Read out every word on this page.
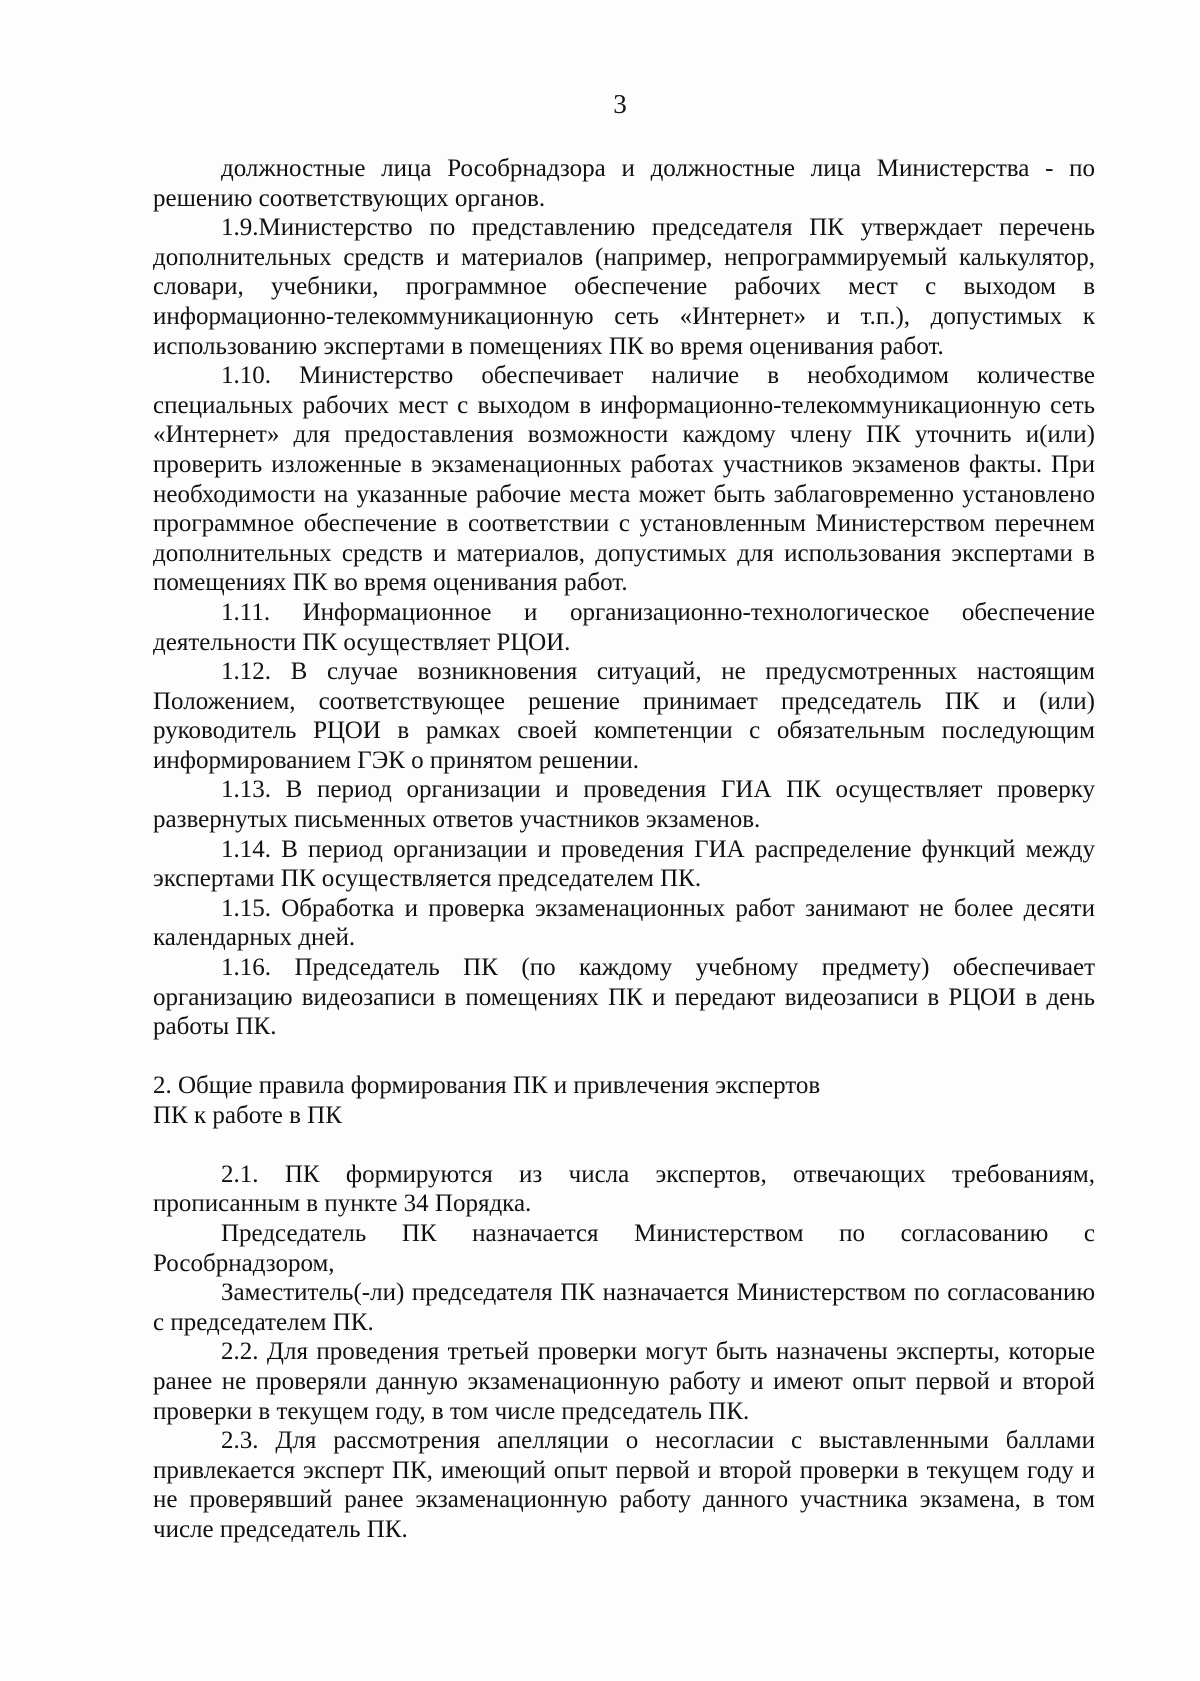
3

должностные лица Рособрнадзора и должностные лица Министерства - по решению соответствующих органов.

1.9.Министерство по представлению председателя ПК утверждает перечень дополнительных средств и материалов (например, непрограммируемый калькулятор, словари, учебники, программное обеспечение рабочих мест с выходом в информационно-телекоммуникационную сеть «Интернет» и т.п.), допустимых к использованию экспертами в помещениях ПК во время оценивания работ.

1.10. Министерство обеспечивает наличие в необходимом количестве специальных рабочих мест с выходом в информационно-телекоммуникационную сеть «Интернет» для предоставления возможности каждому члену ПК уточнить и(или) проверить изложенные в экзаменационных работах участников экзаменов факты. При необходимости на указанные рабочие места может быть заблаговременно установлено программное обеспечение в соответствии с установленным Министерством перечнем дополнительных средств и материалов, допустимых для использования экспертами в помещениях ПК во время оценивания работ.

1.11. Информационное и организационно-технологическое обеспечение деятельности ПК осуществляет РЦОИ.

1.12. В случае возникновения ситуаций, не предусмотренных настоящим Положением, соответствующее решение принимает председатель ПК и (или) руководитель РЦОИ в рамках своей компетенции с обязательным последующим информированием ГЭК о принятом решении.

1.13. В период организации и проведения ГИА ПК осуществляет проверку развернутых письменных ответов участников экзаменов.

1.14. В период организации и проведения ГИА распределение функций между экспертами ПК осуществляется председателем ПК.

1.15. Обработка и проверка экзаменационных работ занимают не более десяти календарных дней.

1.16. Председатель ПК (по каждому учебному предмету) обеспечивает организацию видеозаписи в помещениях ПК и передают видеозаписи в РЦОИ в день работы ПК.

2. Общие правила формирования ПК и привлечения экспертов
ПК к работе в ПК

2.1. ПК формируются из числа экспертов, отвечающих требованиям, прописанным в пункте 34 Порядка.

Председатель ПК назначается Министерством по согласованию с Рособрнадзором,

Заместитель(-ли) председателя ПК назначается Министерством по согласованию с председателем ПК.

2.2. Для проведения третьей проверки могут быть назначены эксперты, которые ранее не проверяли данную экзаменационную работу и имеют опыт первой и второй проверки в текущем году, в том числе председатель ПК.

2.3. Для рассмотрения апелляции о несогласии с выставленными баллами привлекается эксперт ПК, имеющий опыт первой и второй проверки в текущем году и не проверявший ранее экзаменационную работу данного участника экзамена, в том числе председатель ПК.
